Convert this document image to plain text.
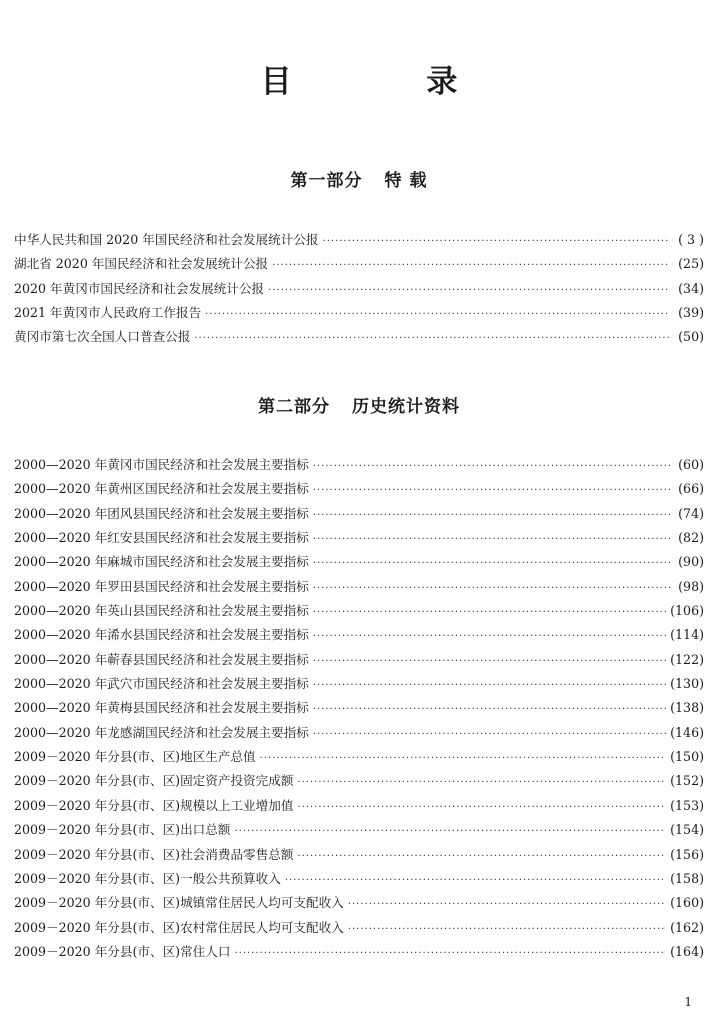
目 录
第一部分 特 载
中华人民共和国 2020 年国民经济和社会发展统计公报 ·····	( 3 )
湖北省 2020 年国民经济和社会发展统计公报 ·····	(25)
2020 年黄冈市国民经济和社会发展统计公报 ·····	(34)
2021 年黄冈市人民政府工作报告 ·····	(39)
黄冈市第七次全国人口普查公报 ·····	(50)
第二部分 历史统计资料
2000—2020 年黄冈市国民经济和社会发展主要指标 ·····	(60)
2000—2020 年黄州区国民经济和社会发展主要指标 ·····	(66)
2000—2020 年团风县国民经济和社会发展主要指标 ·····	(74)
2000—2020 年红安县国民经济和社会发展主要指标 ·····	(82)
2000—2020 年麻城市国民经济和社会发展主要指标 ·····	(90)
2000—2020 年罗田县国民经济和社会发展主要指标 ·····	(98)
2000—2020 年英山县国民经济和社会发展主要指标 ·····	(106)
2000—2020 年浠水县国民经济和社会发展主要指标 ·····	(114)
2000—2020 年蕲春县国民经济和社会发展主要指标 ·····	(122)
2000—2020 年武穴市国民经济和社会发展主要指标 ·····	(130)
2000—2020 年黄梅县国民经济和社会发展主要指标 ·····	(138)
2000—2020 年龙感湖国民经济和社会发展主要指标 ·····	(146)
2009－2020 年分县(市、区)地区生产总值 ·····	(150)
2009－2020 年分县(市、区)固定资产投资完成额 ·····	(152)
2009－2020 年分县(市、区)规模以上工业增加值 ·····	(153)
2009－2020 年分县(市、区)出口总额 ·····	(154)
2009－2020 年分县(市、区)社会消费品零售总额 ·····	(156)
2009－2020 年分县(市、区)一般公共预算收入 ·····	(158)
2009－2020 年分县(市、区)城镇常住居民人均可支配收入 ·····	(160)
2009－2020 年分县(市、区)农村常住居民人均可支配收入 ·····	(162)
2009－2020 年分县(市、区)常住人口 ·····	(164)
1
